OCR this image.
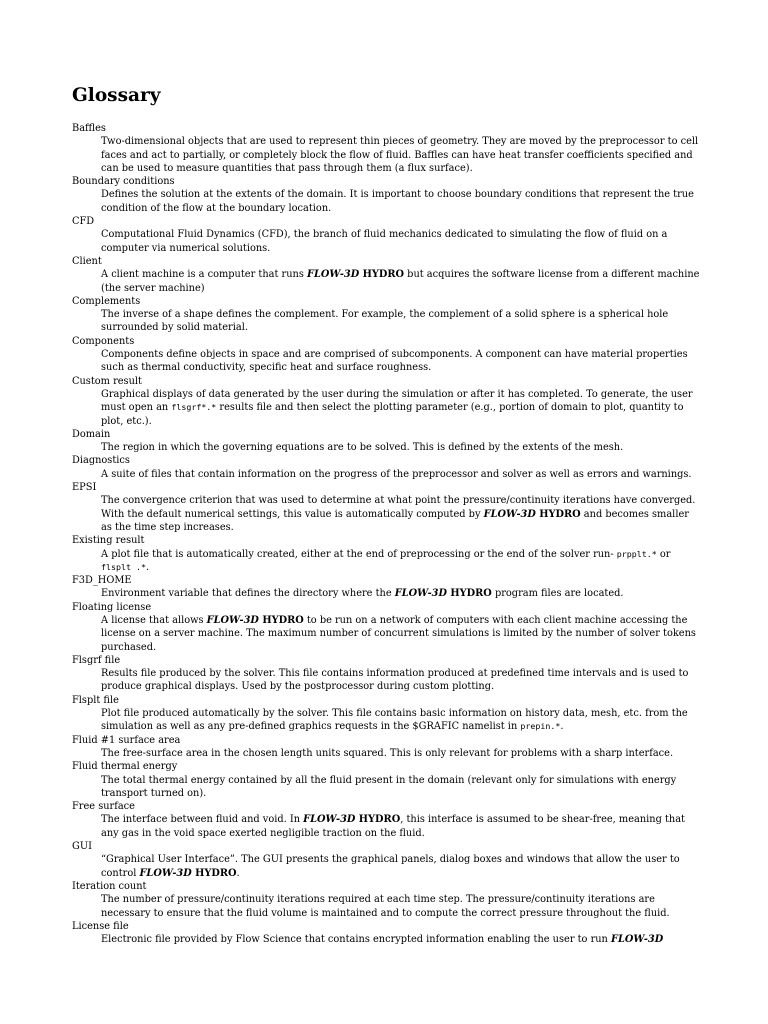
Glossary
Baffles
Two-dimensional objects that are used to represent thin pieces of geometry. They are moved by the preprocessor to cell faces and act to partially, or completely block the flow of fluid. Baffles can have heat transfer coefficients specified and can be used to measure quantities that pass through them (a flux surface).
Boundary conditions
Defines the solution at the extents of the domain. It is important to choose boundary conditions that represent the true condition of the flow at the boundary location.
CFD
Computational Fluid Dynamics (CFD), the branch of fluid mechanics dedicated to simulating the flow of fluid on a computer via numerical solutions.
Client
A client machine is a computer that runs FLOW-3D HYDRO but acquires the software license from a different machine (the server machine)
Complements
The inverse of a shape defines the complement. For example, the complement of a solid sphere is a spherical hole surrounded by solid material.
Components
Components define objects in space and are comprised of subcomponents. A component can have material properties such as thermal conductivity, specific heat and surface roughness.
Custom result
Graphical displays of data generated by the user during the simulation or after it has completed. To generate, the user must open an flsgrf*.* results file and then select the plotting parameter (e.g., portion of domain to plot, quantity to plot, etc.).
Domain
The region in which the governing equations are to be solved. This is defined by the extents of the mesh.
Diagnostics
A suite of files that contain information on the progress of the preprocessor and solver as well as errors and warnings.
EPSI
The convergence criterion that was used to determine at what point the pressure/continuity iterations have converged. With the default numerical settings, this value is automatically computed by FLOW-3D HYDRO and becomes smaller as the time step increases.
Existing result
A plot file that is automatically created, either at the end of preprocessing or the end of the solver run- prpplt.* or flsplt .*.
F3D_HOME
Environment variable that defines the directory where the FLOW-3D HYDRO program files are located.
Floating license
A license that allows FLOW-3D HYDRO to be run on a network of computers with each client machine accessing the license on a server machine. The maximum number of concurrent simulations is limited by the number of solver tokens purchased.
Flsgrf file
Results file produced by the solver. This file contains information produced at predefined time intervals and is used to produce graphical displays. Used by the postprocessor during custom plotting.
Flsplt file
Plot file produced automatically by the solver. This file contains basic information on history data, mesh, etc. from the simulation as well as any pre-defined graphics requests in the $GRAFIC namelist in prepin.*.
Fluid #1 surface area
The free-surface area in the chosen length units squared. This is only relevant for problems with a sharp interface.
Fluid thermal energy
The total thermal energy contained by all the fluid present in the domain (relevant only for simulations with energy transport turned on).
Free surface
The interface between fluid and void. In FLOW-3D HYDRO, this interface is assumed to be shear-free, meaning that any gas in the void space exerted negligible traction on the fluid.
GUI
“Graphical User Interface”. The GUI presents the graphical panels, dialog boxes and windows that allow the user to control FLOW-3D HYDRO.
Iteration count
The number of pressure/continuity iterations required at each time step. The pressure/continuity iterations are necessary to ensure that the fluid volume is maintained and to compute the correct pressure throughout the fluid.
License file
Electronic file provided by Flow Science that contains encrypted information enabling the user to run FLOW-3D
